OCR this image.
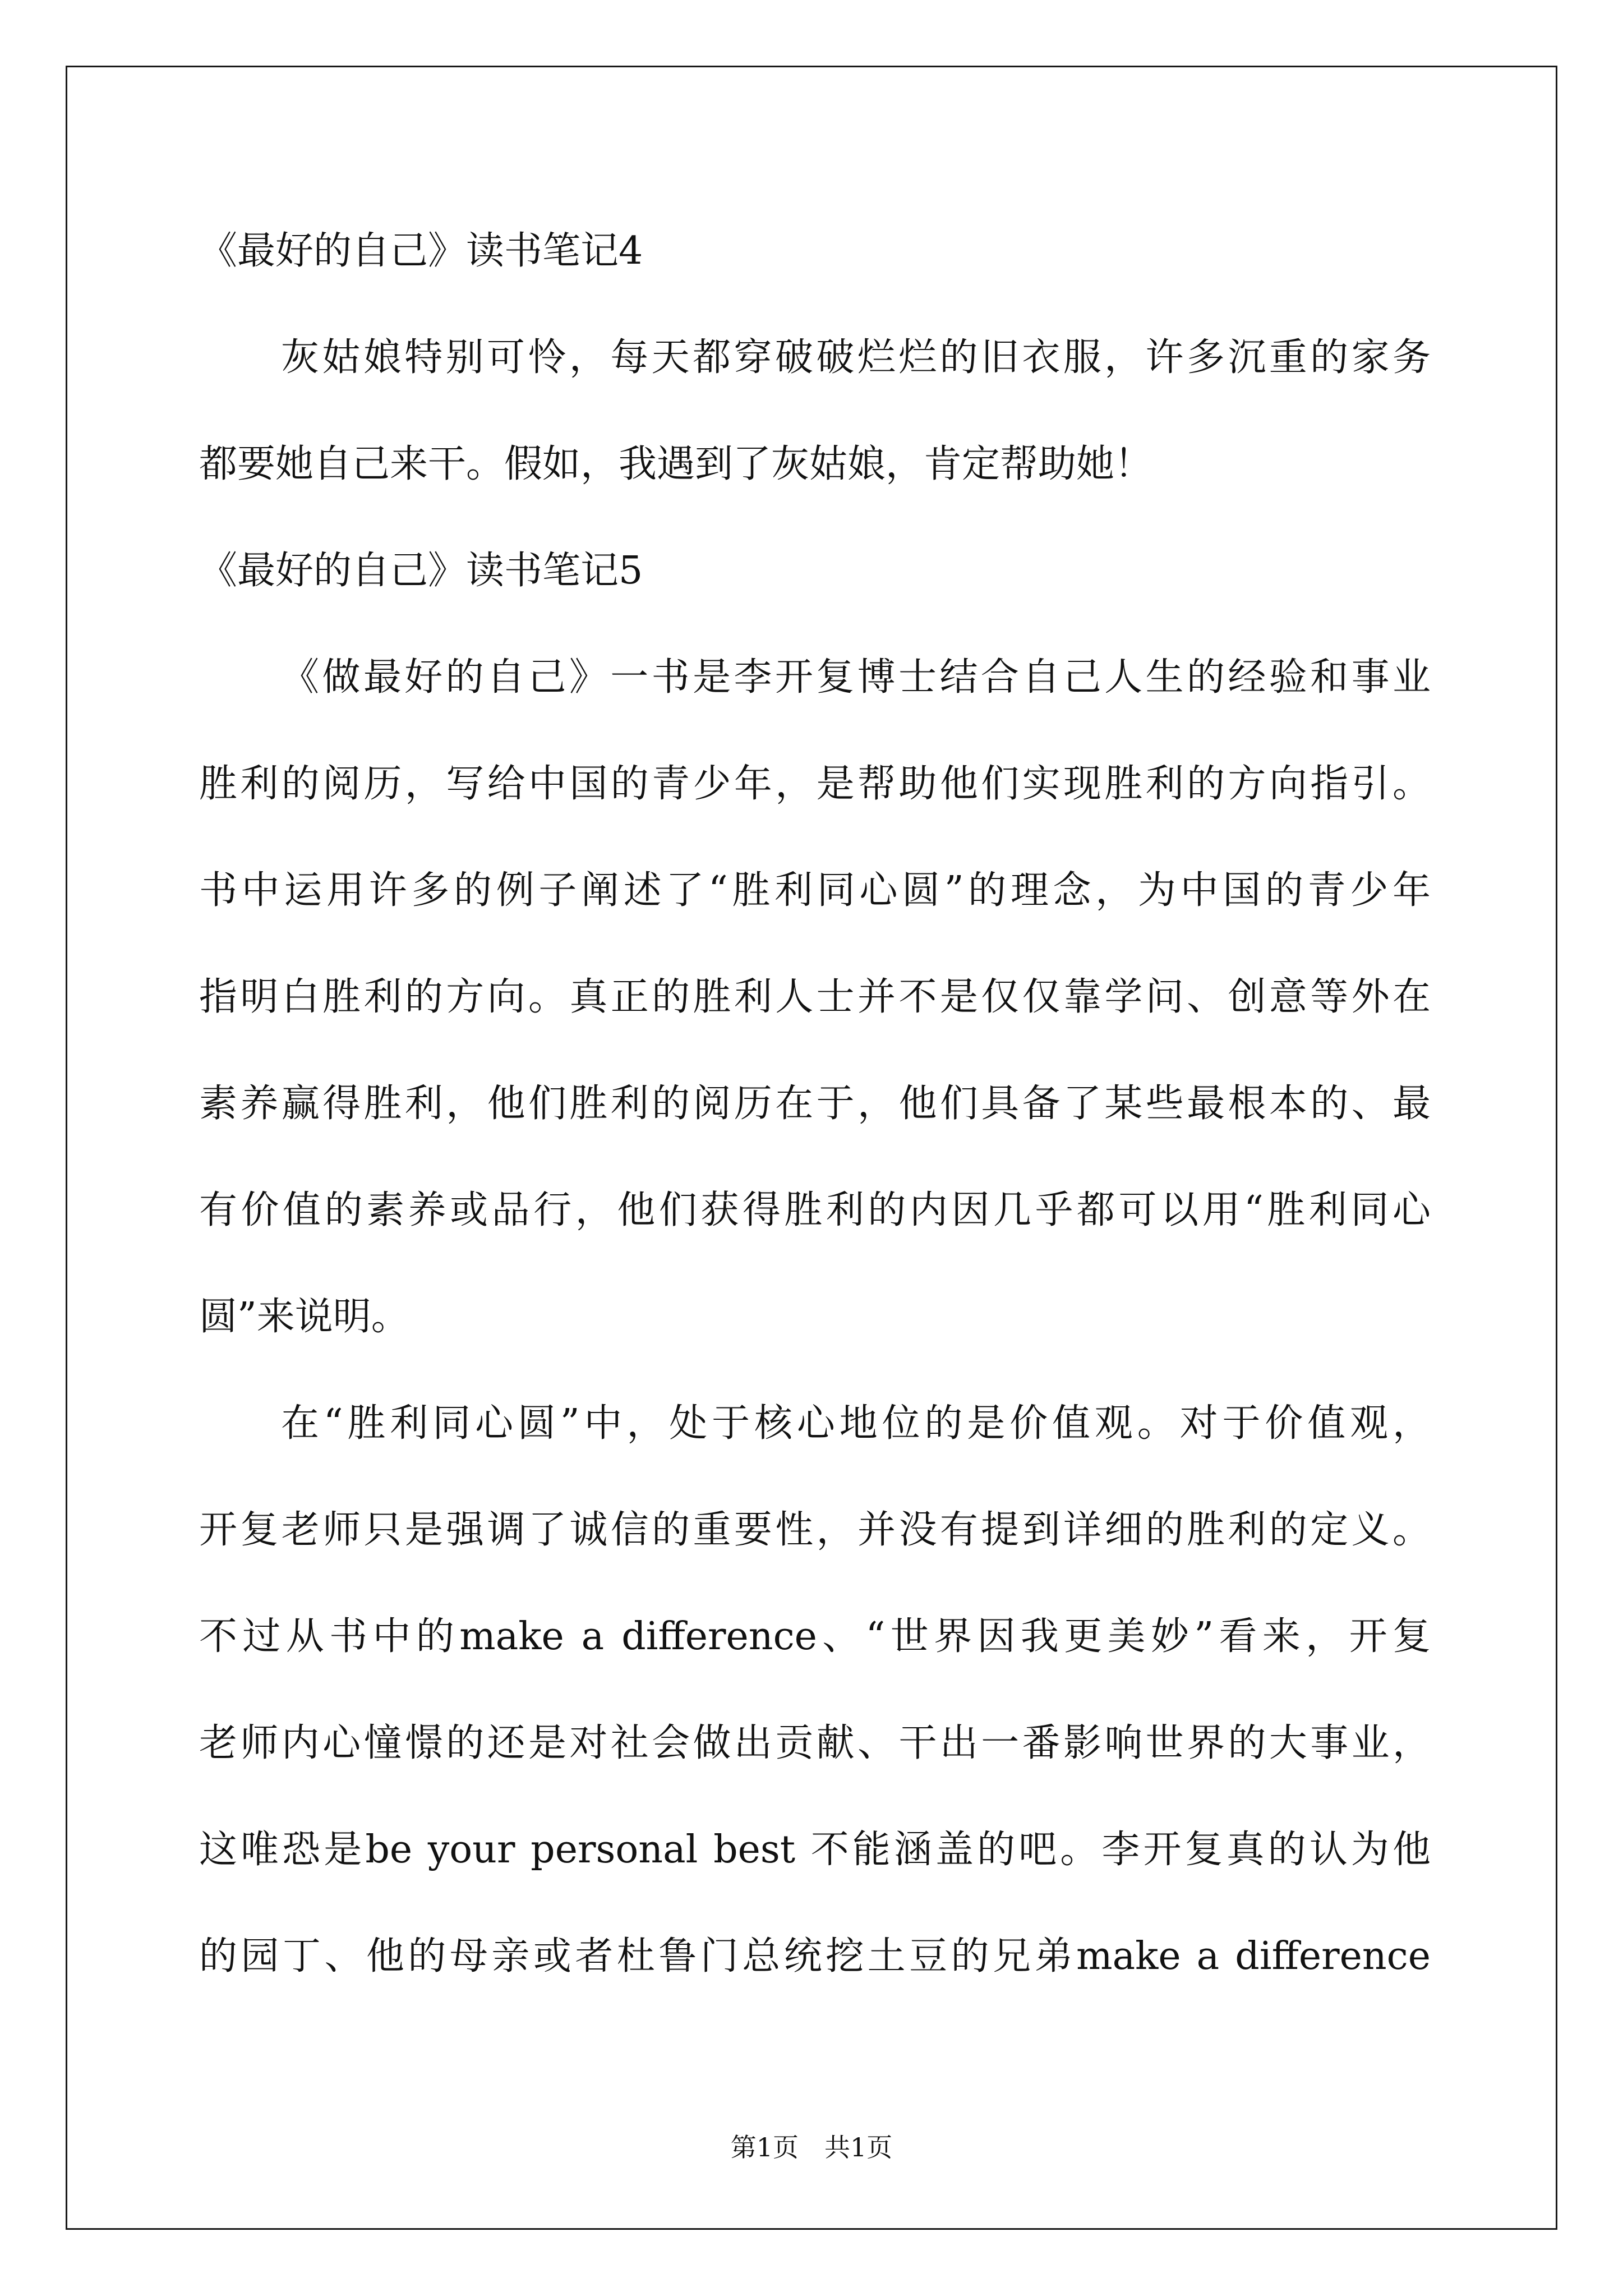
《最好的自己》读书笔记4
灰姑娘特别可怜，每天都穿破破烂烂的旧衣服，许多沉重的家务
都要她自己来干。假如，我遇到了灰姑娘，肯定帮助她！
《最好的自己》读书笔记5
《做最好的自己》一书是李开复博士结合自己人生的经验和事业
胜利的阅历，写给中国的青少年，是帮助他们实现胜利的方向指引。
书中运用许多的例子阐述了“胜利同心圆”的理念，为中国的青少年
指明白胜利的方向。真正的胜利人士并不是仅仅靠学问、创意等外在
素养赢得胜利，他们胜利的阅历在于，他们具备了某些最根本的、最
有价值的素养或品行，他们获得胜利的内因几乎都可以用“胜利同心
圆”来说明。
在“胜利同心圆”中，处于核心地位的是价值观。对于价值观，
开复老师只是强调了诚信的重要性，并没有提到详细的胜利的定义。
不过从书中的make a difference、“世界因我更美妙”看来，开复
老师内心憧憬的还是对社会做出贡献、干出一番影响世界的大事业，
这唯恐是be your personal best 不能涵盖的吧。李开复真的认为他
的园丁、他的母亲或者杜鲁门总统挖土豆的兄弟make a difference
第1页　共1页
